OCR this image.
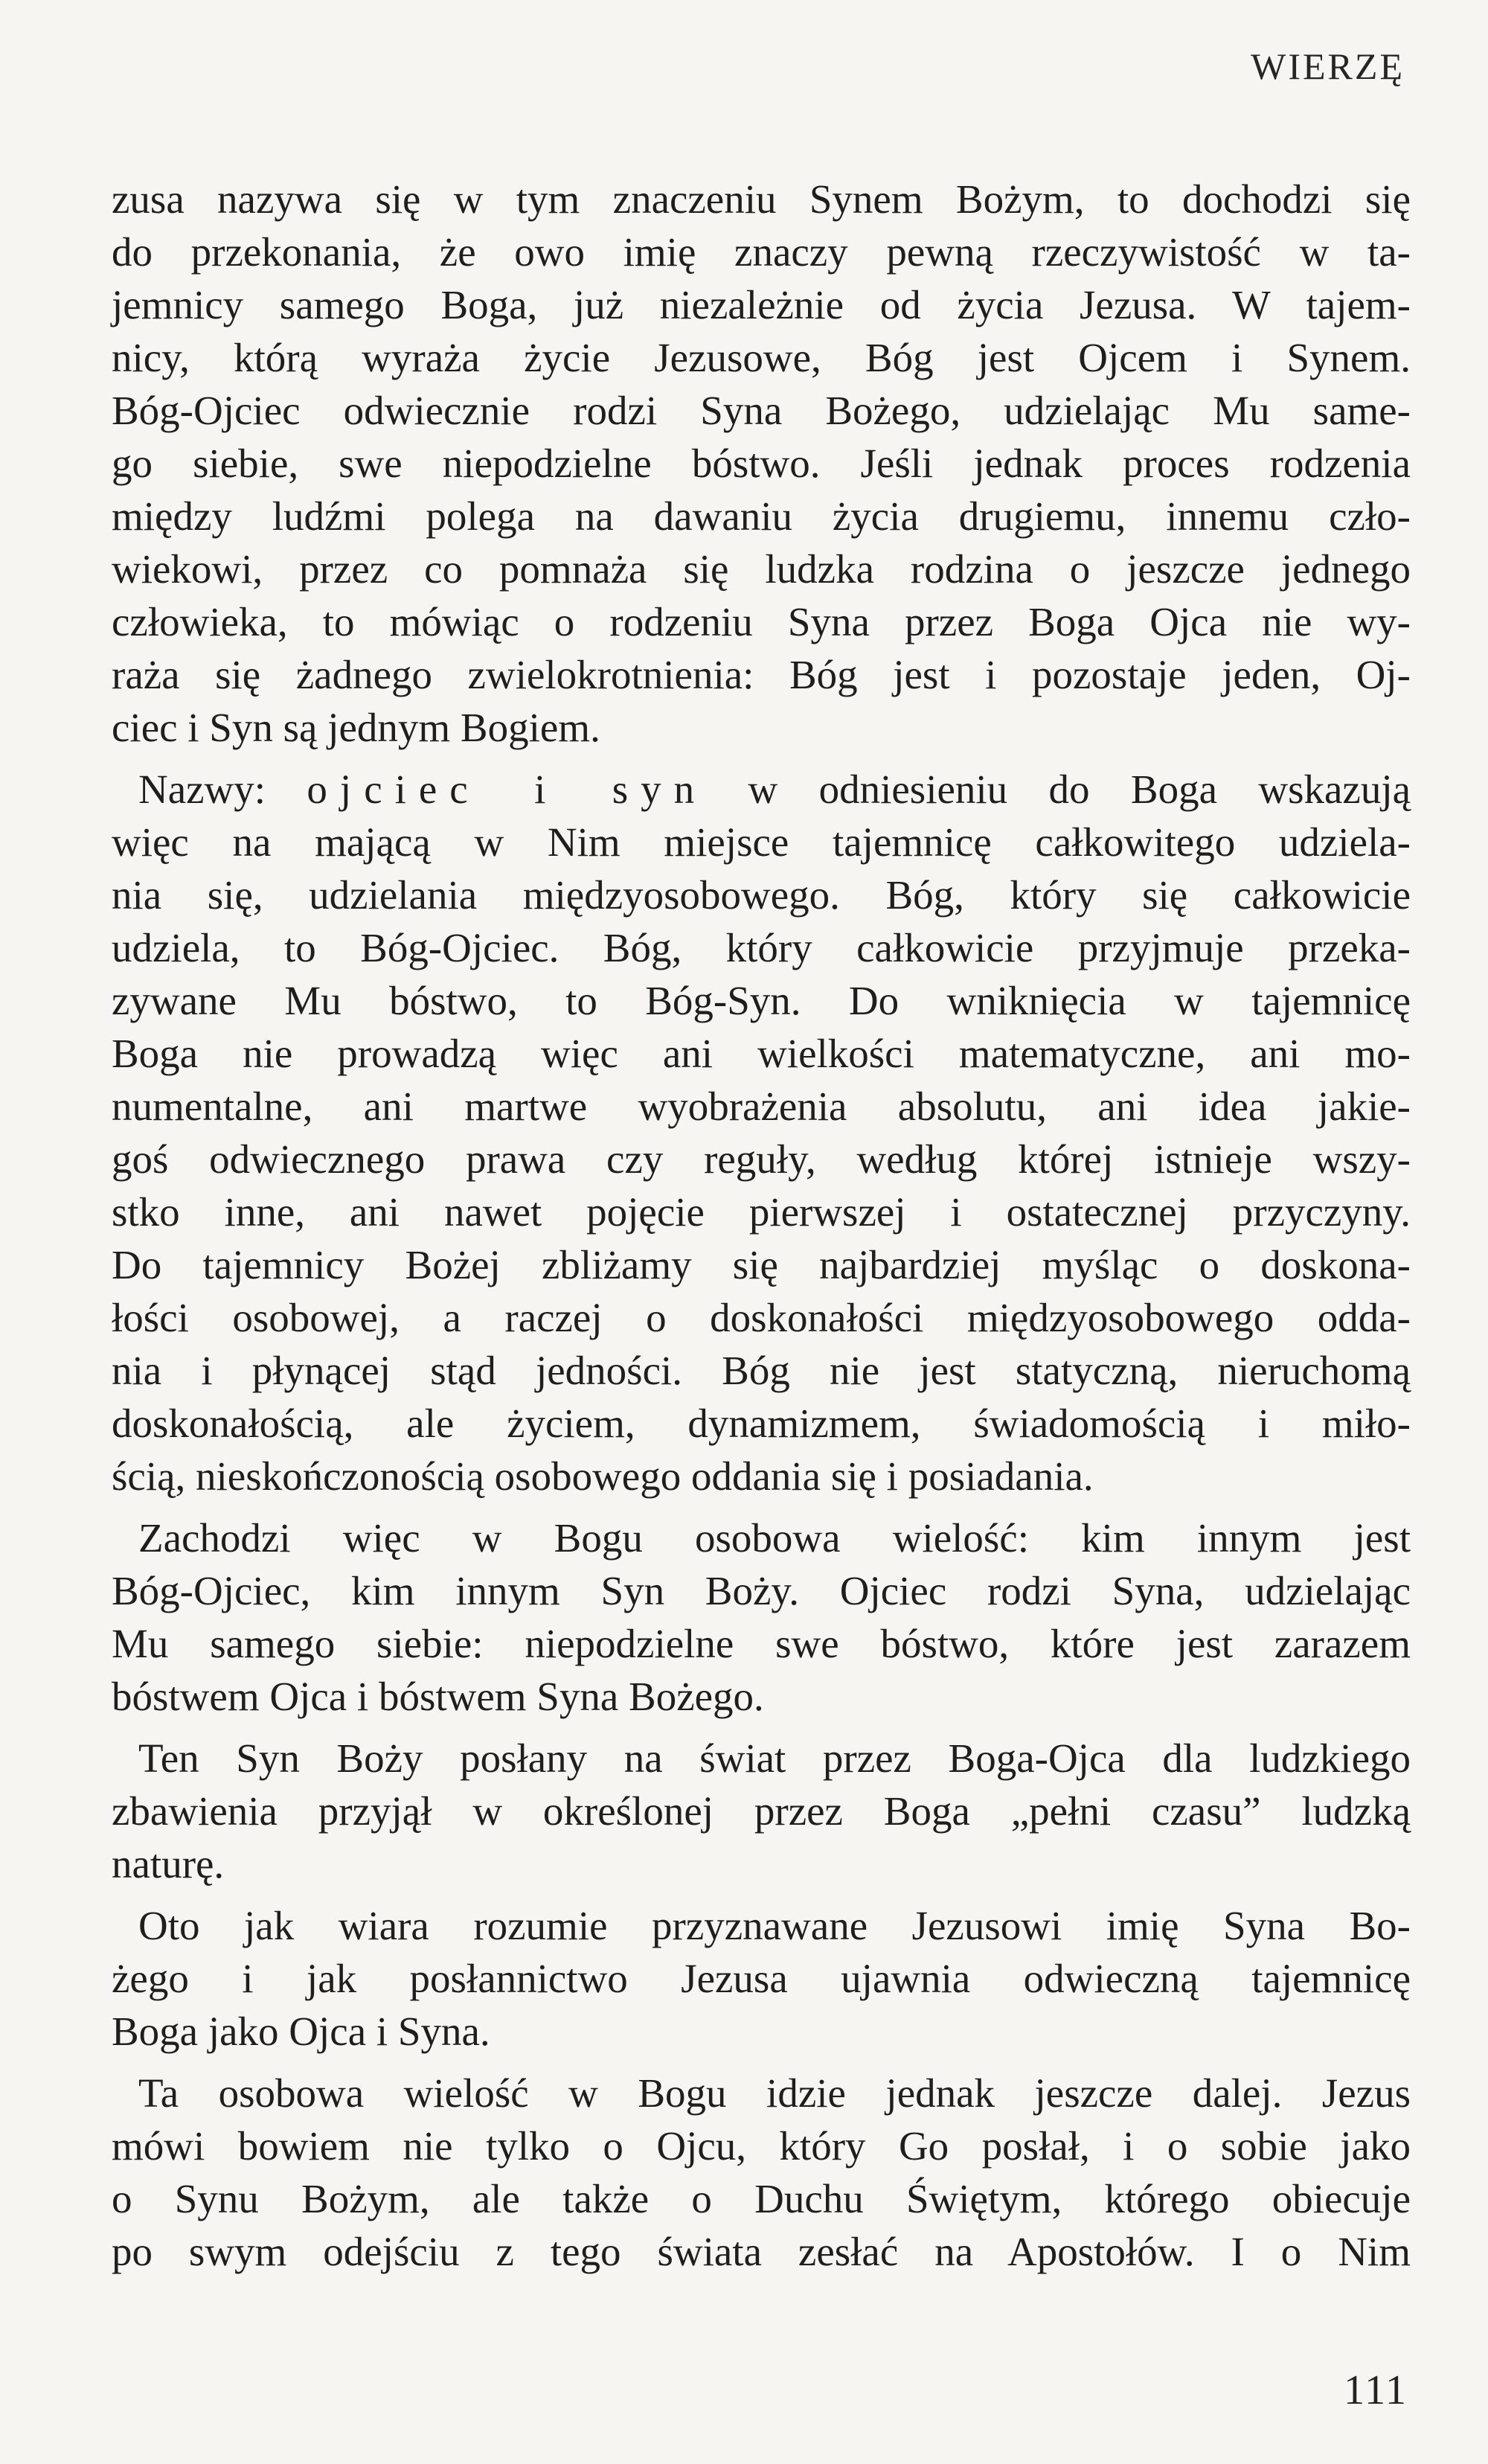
WIERZĘ
zusa nazywa się w tym znaczeniu Synem Bożym, to dochodzi się
do przekonania, że owo imię znaczy pewną rzeczywistość w ta-
jemnicy samego Boga, już niezależnie od życia Jezusa. W tajem-
nicy, którą wyraża życie Jezusowe, Bóg jest Ojcem i Synem.
Bóg-Ojciec odwiecznie rodzi Syna Bożego, udzielając Mu same-
go siebie, swe niepodzielne bóstwo. Jeśli jednak proces rodzenia
między ludźmi polega na dawaniu życia drugiemu, innemu czło-
wiekowi, przez co pomnaża się ludzka rodzina o jeszcze jednego
człowieka, to mówiąc o rodzeniu Syna przez Boga Ojca nie wy-
raża się żadnego zwielokrotnienia: Bóg jest i pozostaje jeden, Oj-
ciec i Syn są jednym Bogiem.
Nazwy: ojciec i syn w odniesieniu do Boga wskazują
więc na mającą w Nim miejsce tajemnicę całkowitego udziela-
nia się, udzielania międzyosobowego. Bóg, który się całkowicie
udziela, to Bóg-Ojciec. Bóg, który całkowicie przyjmuje przeka-
zywane Mu bóstwo, to Bóg-Syn. Do wniknięcia w tajemnicę
Boga nie prowadzą więc ani wielkości matematyczne, ani mo-
numentalne, ani martwe wyobrażenia absolutu, ani idea jakie-
goś odwiecznego prawa czy reguły, według której istnieje wszy-
stko inne, ani nawet pojęcie pierwszej i ostatecznej przyczyny.
Do tajemnicy Bożej zbliżamy się najbardziej myśląc o doskona-
łości osobowej, a raczej o doskonałości międzyosobowego odda-
nia i płynącej stąd jedności. Bóg nie jest statyczną, nieruchomą
doskonałością, ale życiem, dynamizmem, świadomością i miło-
ścią, nieskończonością osobowego oddania się i posiadania.
Zachodzi więc w Bogu osobowa wielość: kim innym jest
Bóg-Ojciec, kim innym Syn Boży. Ojciec rodzi Syna, udzielając
Mu samego siebie: niepodzielne swe bóstwo, które jest zarazem
bóstwem Ojca i bóstwem Syna Bożego.
Ten Syn Boży posłany na świat przez Boga-Ojca dla ludzkiego
zbawienia przyjął w określonej przez Boga „pełni czasu” ludzką
naturę.
Oto jak wiara rozumie przyznawane Jezusowi imię Syna Bo-
żego i jak posłannictwo Jezusa ujawnia odwieczną tajemnicę
Boga jako Ojca i Syna.
Ta osobowa wielość w Bogu idzie jednak jeszcze dalej. Jezus
mówi bowiem nie tylko o Ojcu, który Go posłał, i o sobie jako
o Synu Bożym, ale także o Duchu Świętym, którego obiecuje
po swym odejściu z tego świata zesłać na Apostołów. I o Nim
111
